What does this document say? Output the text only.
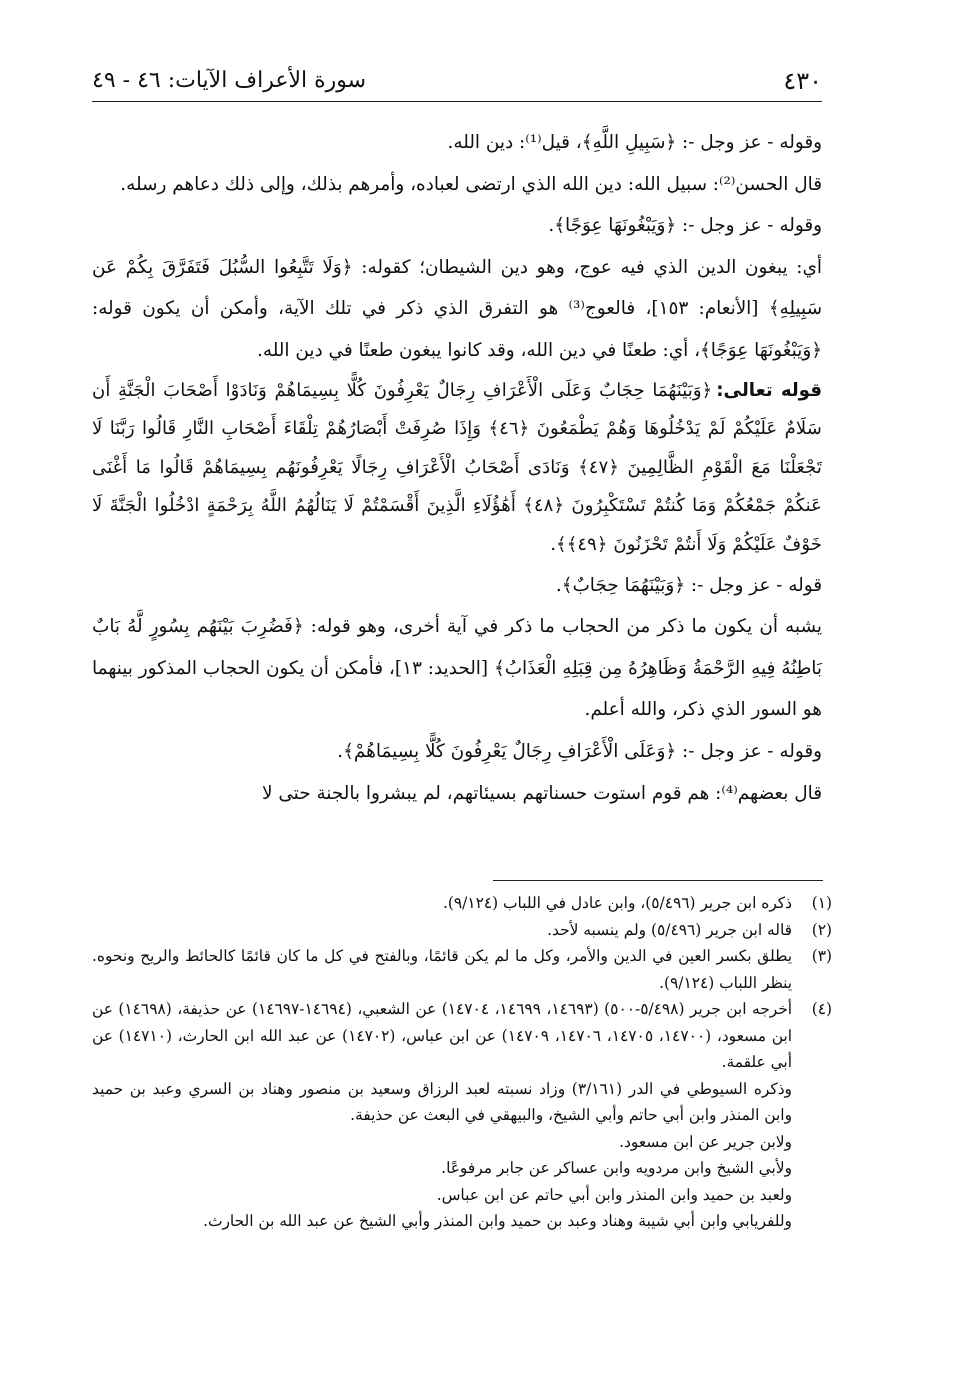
٤٣٠
سورة الأعراف الآيات: ٤٦ - ٤٩

وقوله - عز وجل -: ﴿سَبِيلِ اللَّهِ﴾، قيل⁽¹⁾: دين الله.

قال الحسن⁽²⁾: سبيل الله: دين الله الذي ارتضى لعباده، وأمرهم بذلك، وإلى ذلك دعاهم رسله.

وقوله - عز وجل -: ﴿وَيَبْغُونَهَا عِوَجًا﴾.

أي: يبغون الدين الذي فيه عوج، وهو دين الشيطان؛ كقوله: ﴿وَلَا تَتَّبِعُوا السُّبُلَ فَتَفَرَّقَ بِكُمْ عَن سَبِيلِهِ﴾ [الأنعام: ١٥٣]، فالعوج⁽³⁾ هو التفرق الذي ذكر في تلك الآية، وأمكن أن يكون قوله: ﴿وَيَبْغُونَهَا عِوَجًا﴾، أي: طعنًا في دين الله، وقد كانوا يبغون طعنًا في دين الله.

قوله تعالى:﴿وَبَيْنَهُمَا حِجَابٌ وَعَلَى الْأَعْرَافِ رِجَالٌ يَعْرِفُونَ كُلًّا بِسِيمَاهُمْ وَنَادَوْا أَصْحَابَ الْجَنَّةِ أَن سَلَامٌ عَلَيْكُمْ لَمْ يَدْخُلُوهَا وَهُمْ يَطْمَعُونَ ﴿٤٦﴾ وَإِذَا صُرِفَتْ أَبْصَارُهُمْ تِلْقَاءَ أَصْحَابِ النَّارِ قَالُوا رَبَّنَا لَا تَجْعَلْنَا مَعَ الْقَوْمِ الظَّالِمِينَ ﴿٤٧﴾ وَنَادَى أَصْحَابُ الْأَعْرَافِ رِجَالًا يَعْرِفُونَهُم بِسِيمَاهُمْ قَالُوا مَا أَغْنَى عَنكُمْ جَمْعُكُمْ وَمَا كُنتُمْ تَسْتَكْبِرُونَ ﴿٤٨﴾ أَهَٰؤُلَاءِ الَّذِينَ أَقْسَمْتُمْ لَا يَنَالُهُمُ اللَّهُ بِرَحْمَةٍ ادْخُلُوا الْجَنَّةَ لَا خَوْفٌ عَلَيْكُمْ وَلَا أَنتُمْ تَحْزَنُونَ ﴿٤٩﴾﴾.

قوله - عز وجل -: ﴿وَبَيْنَهُمَا حِجَابٌ﴾.

يشبه أن يكون ما ذكر من الحجاب ما ذكر في آية أخرى، وهو قوله: ﴿فَضُرِبَ بَيْنَهُم بِسُورٍ لَّهُ بَابٌ بَاطِنُهُ فِيهِ الرَّحْمَةُ وَظَاهِرُهُ مِن قِبَلِهِ الْعَذَابُ﴾ [الحديد: ١٣]، فأمكن أن يكون الحجاب المذكور بينهما هو السور الذي ذكر، والله أعلم.

وقوله - عز وجل -: ﴿وَعَلَى الْأَعْرَافِ رِجَالٌ يَعْرِفُونَ كُلًّا بِسِيمَاهُمْ﴾.

قال بعضهم⁽⁴⁾: هم قوم استوت حسناتهم بسيئاتهم، لم يبشروا بالجنة حتى لا

(١)
ذكره ابن جرير (٥/٤٩٦)، وابن عادل في اللباب (٩/١٢٤).
(٢)
قاله ابن جرير (٥/٤٩٦) ولم ينسبه لأحد.
(٣)
يطلق بكسر العين في الدين والأمر، وكل ما لم يكن قائمًا، وبالفتح في كل ما كان قائمًا كالحائط والريح ونحوه. ينظر اللباب (٩/١٢٤).
(٤)
أخرجه ابن جرير (٥/٤٩٨-٥٠٠) (١٤٦٩٣، ١٤٦٩٩، ١٤٧٠٤) عن الشعبي، (١٤٦٩٤-١٤٦٩٧) عن حذيفة، (١٤٦٩٨) عن ابن مسعود، (١٤٧٠٠، ١٤٧٠٥، ١٤٧٠٦، ١٤٧٠٩) عن ابن عباس، (١٤٧٠٢) عن عبد الله ابن الحارث، (١٤٧١٠) عن أبي علقمة.

وذكره السيوطي في الدر (٣/١٦١) وزاد نسبته لعبد الرزاق وسعيد بن منصور وهناد بن السري وعبد بن حميد وابن المنذر وابن أبي حاتم وأبي الشيخ، والبيهقي في البعث عن حذيفة.

ولابن جرير عن ابن مسعود.

ولأبي الشيخ وابن مردويه وابن عساكر عن جابر مرفوعًا.

ولعبد بن حميد وابن المنذر وابن أبي حاتم عن ابن عباس.

وللفريابي وابن أبي شيبة وهناد وعبد بن حميد وابن المنذر وأبي الشيخ عن عبد الله بن الحارث.
